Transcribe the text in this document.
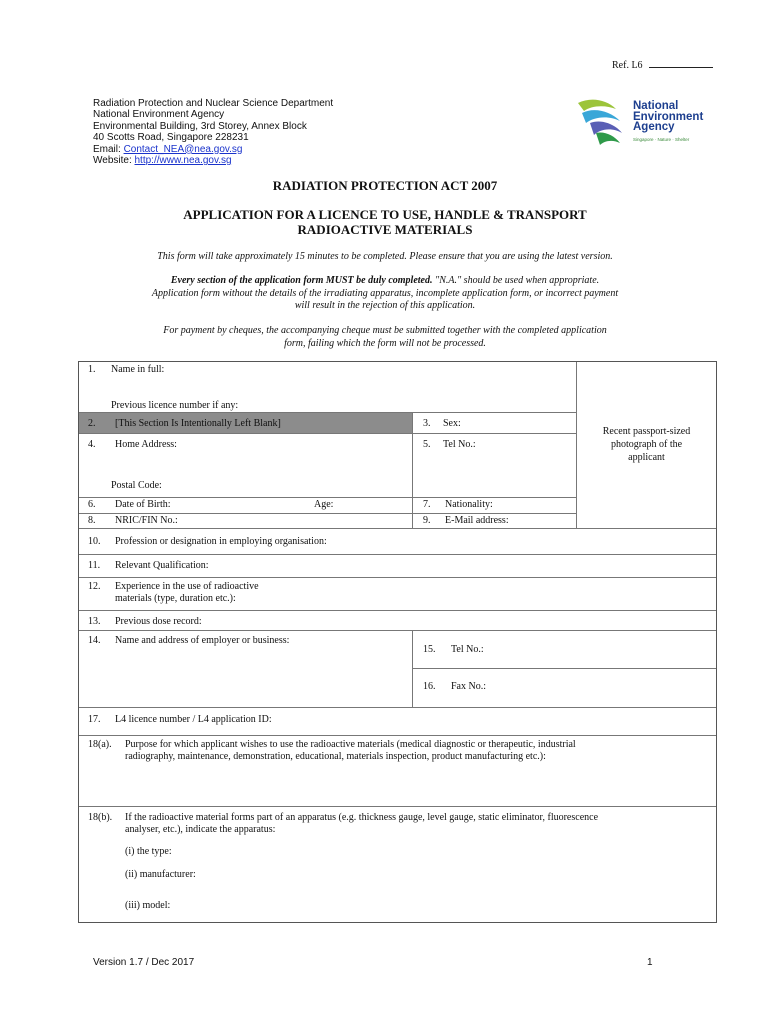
Ref. L6
Radiation Protection and Nuclear Science Department
National Environment Agency
Environmental Building, 3rd Storey, Annex Block
40 Scotts Road, Singapore 228231
Email: Contact_NEA@nea.gov.sg
Website: http://www.nea.gov.sg
National
Environment
Agency
Singapore · Nature · Shelter
RADIATION PROTECTION ACT 2007
APPLICATION FOR A LICENCE TO USE, HANDLE & TRANSPORT
RADIOACTIVE MATERIALS
This form will take approximately 15 minutes to be completed. Please ensure that you are using the latest version.
Every section of the application form MUST be duly completed. "N.A." should be used when appropriate.
Application form without the details of the irradiating apparatus, incomplete application form, or incorrect payment
will result in the rejection of this application.
For payment by cheques, the accompanying cheque must be submitted together with the completed application
form, failing which the form will not be processed.
1. Name in full:
Previous licence number if any:
2. [This Section Is Intentionally Left Blank]	3. Sex:
4. Home Address:	5. Tel No.:
Postal Code:
6. Date of Birth:	Age:	7. Nationality:
8. NRIC/FIN No.:	9. E-Mail address:
Recent passport-sized
photograph of the
applicant
10. Profession or designation in employing organisation:
11. Relevant Qualification:
12. Experience in the use of radioactive
materials (type, duration etc.):
13. Previous dose record:
14. Name and address of employer or business:
15. Tel No.:
16. Fax No.:
17. L4 licence number / L4 application ID:
18(a). Purpose for which applicant wishes to use the radioactive materials (medical diagnostic or therapeutic, industrial
radiography, maintenance, demonstration, educational, materials inspection, product manufacturing etc.):
18(b). If the radioactive material forms part of an apparatus (e.g. thickness gauge, level gauge, static eliminator, fluorescence
analyser, etc.), indicate the apparatus:
(i) the type:
(ii) manufacturer:
(iii) model:
Version 1.7 / Dec 2017	1
